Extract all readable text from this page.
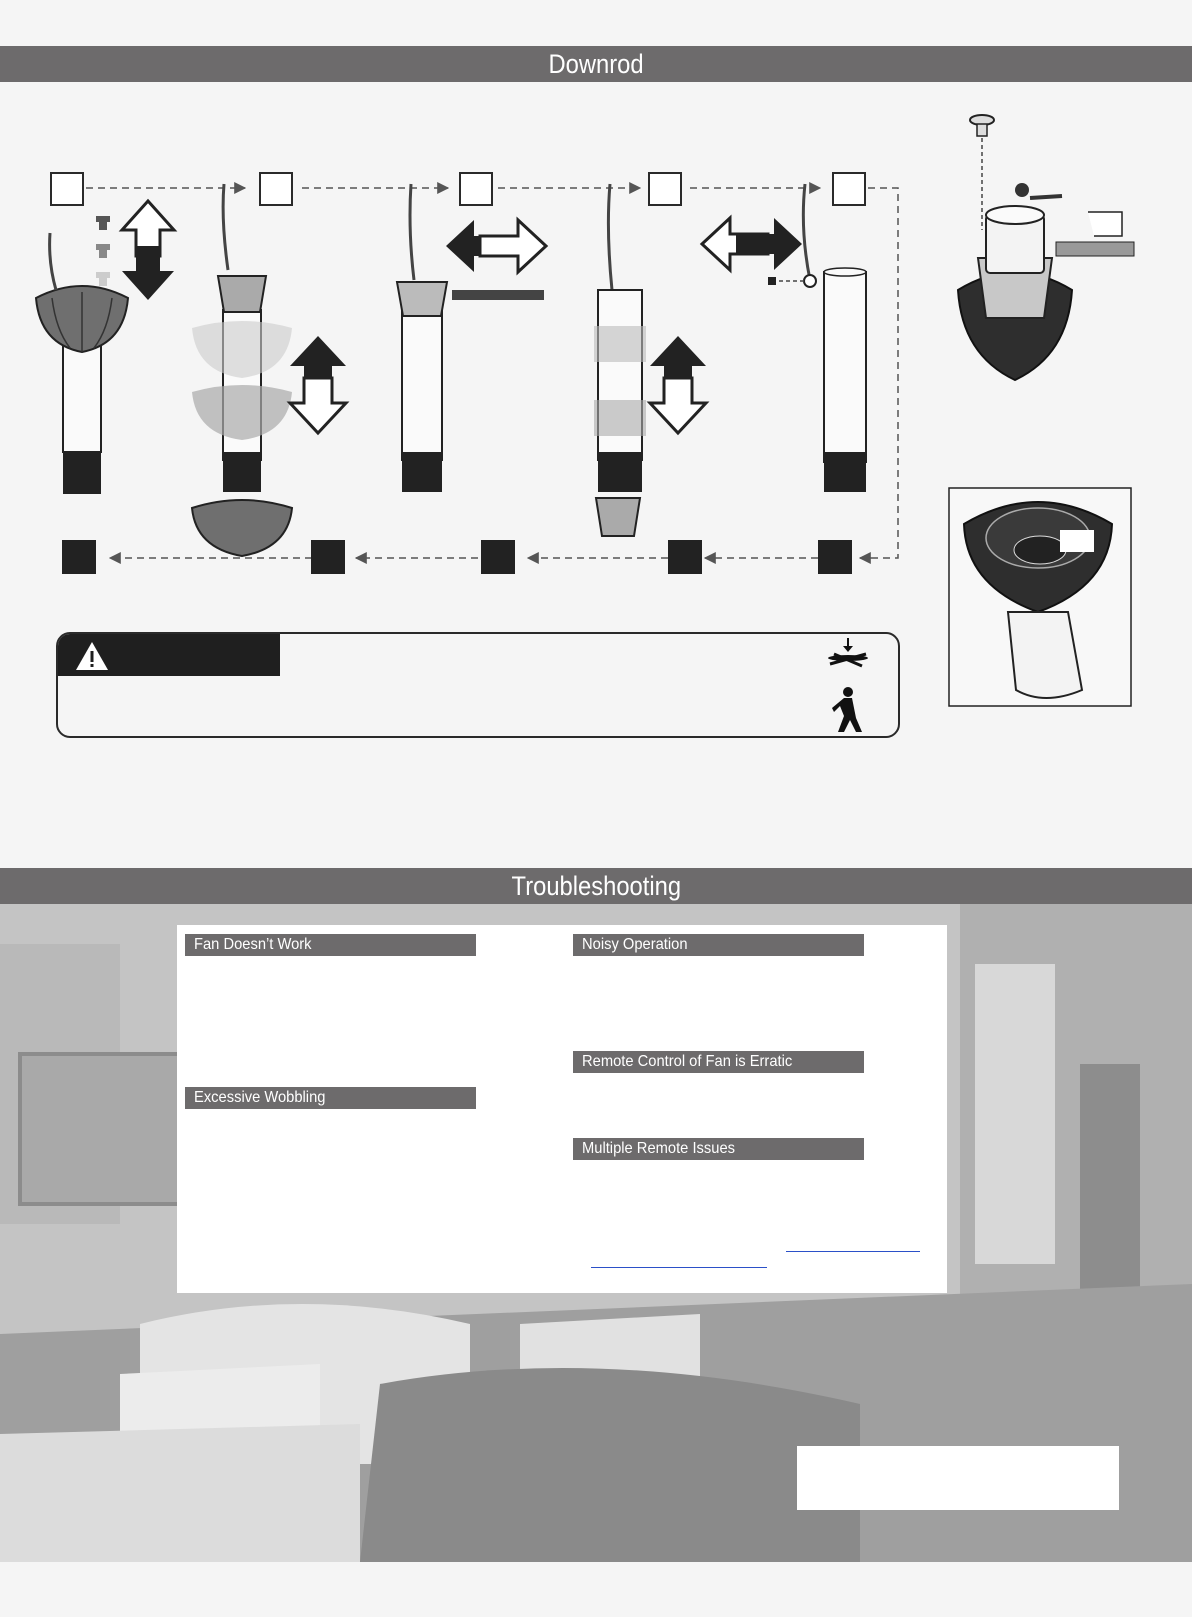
Downrod
Troubleshooting
Fan Doesn’t Work
Excessive Wobbling
Noisy Operation
Remote Control of Fan is Erratic
Multiple Remote Issues
